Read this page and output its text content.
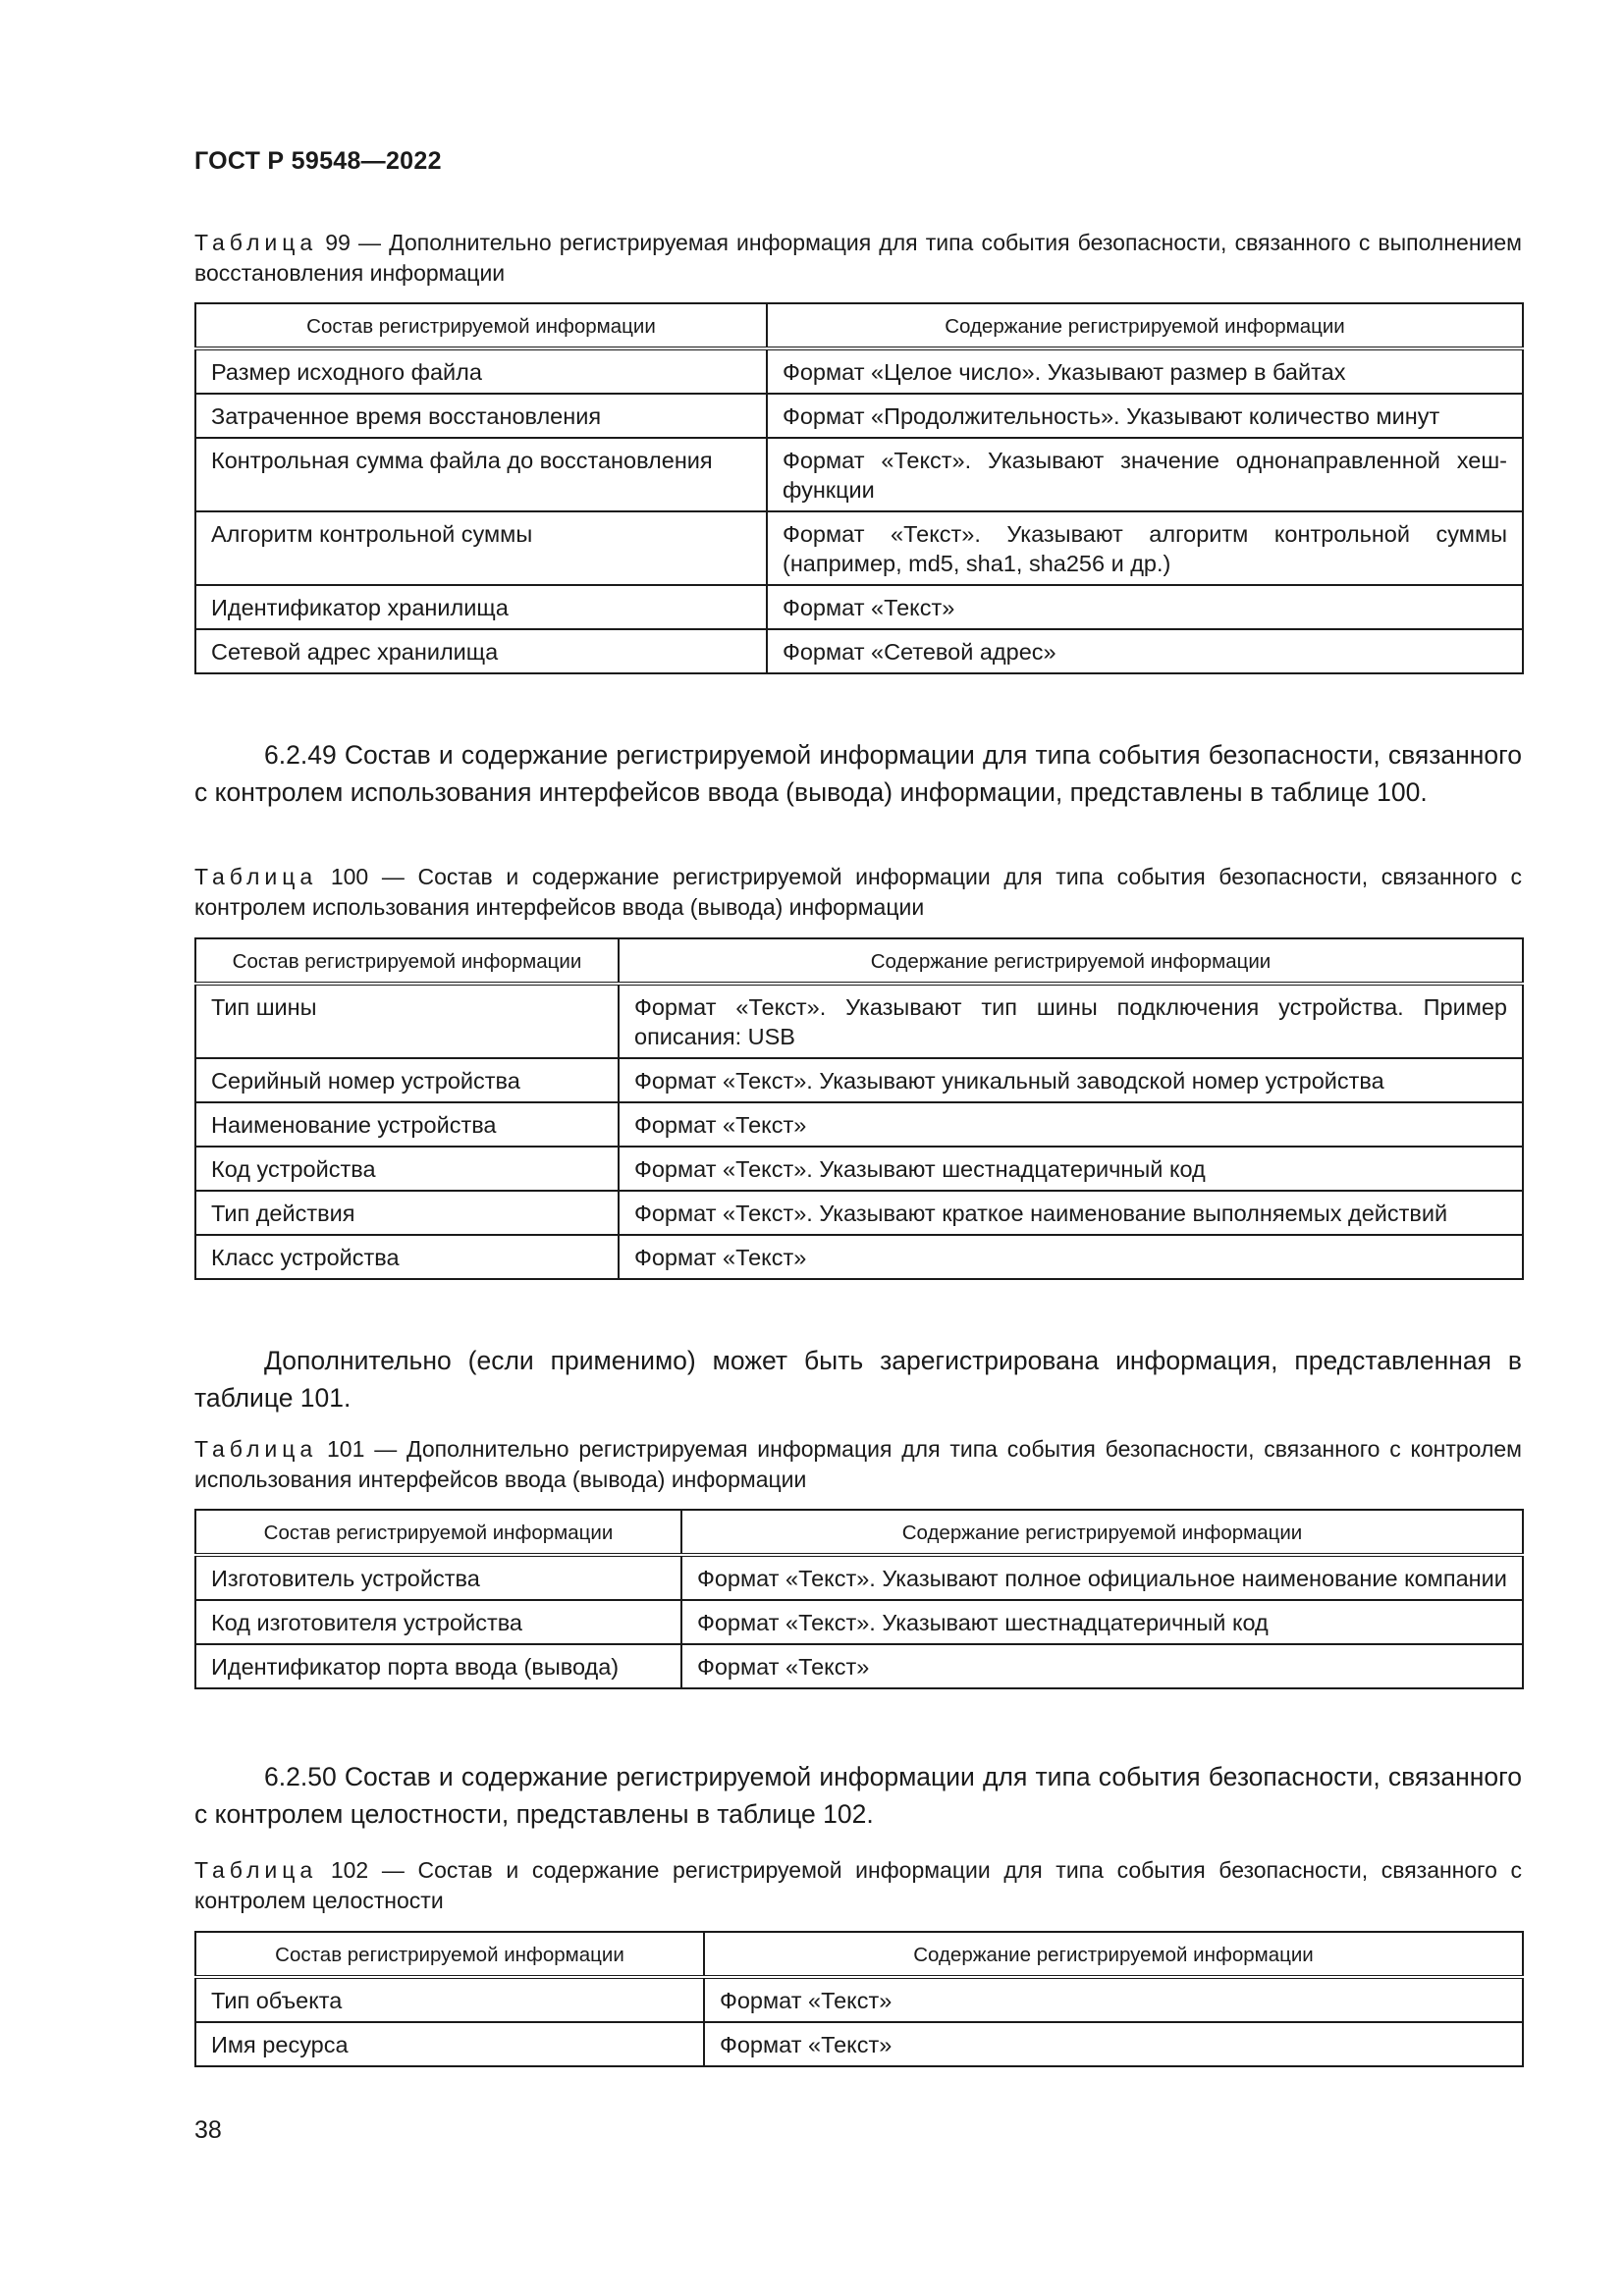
ГОСТ Р 59548—2022
Таблица 99 — Дополнительно регистрируемая информация для типа события безопасности, связанного с выполнением восстановления информации
Состав регистрируемой информации	Содержание регистрируемой информации
Размер исходного файла	Формат «Целое число». Указывают размер в байтах
Затраченное время восстановления	Формат «Продолжительность». Указывают количество минут
Контрольная сумма файла до восстановления	Формат «Текст». Указывают значение однонаправленной хеш-функции
Алгоритм контрольной суммы	Формат «Текст». Указывают алгоритм контрольной суммы (например, md5, sha1, sha256 и др.)
Идентификатор хранилища	Формат «Текст»
Сетевой адрес хранилища	Формат «Сетевой адрес»
6.2.49 Состав и содержание регистрируемой информации для типа события безопасности, связанного с контролем использования интерфейсов ввода (вывода) информации, представлены в таблице 100.
Таблица 100 — Состав и содержание регистрируемой информации для типа события безопасности, связанного с контролем использования интерфейсов ввода (вывода) информации
Состав регистрируемой информации	Содержание регистрируемой информации
Тип шины	Формат «Текст». Указывают тип шины подключения устройства. Пример описания: USB
Серийный номер устройства	Формат «Текст». Указывают уникальный заводской номер устройства
Наименование устройства	Формат «Текст»
Код устройства	Формат «Текст». Указывают шестнадцатеричный код
Тип действия	Формат «Текст». Указывают краткое наименование выполняемых действий
Класс устройства	Формат «Текст»
Дополнительно (если применимо) может быть зарегистрирована информация, представленная в таблице 101.
Таблица 101 — Дополнительно регистрируемая информация для типа события безопасности, связанного с контролем использования интерфейсов ввода (вывода) информации
Состав регистрируемой информации	Содержание регистрируемой информации
Изготовитель устройства	Формат «Текст». Указывают полное официальное наименование компании
Код изготовителя устройства	Формат «Текст». Указывают шестнадцатеричный код
Идентификатор порта ввода (вывода)	Формат «Текст»
6.2.50 Состав и содержание регистрируемой информации для типа события безопасности, связанного с контролем целостности, представлены в таблице 102.
Таблица 102 — Состав и содержание регистрируемой информации для типа события безопасности, связанного с контролем целостности
Состав регистрируемой информации	Содержание регистрируемой информации
Тип объекта	Формат «Текст»
Имя ресурса	Формат «Текст»
38
